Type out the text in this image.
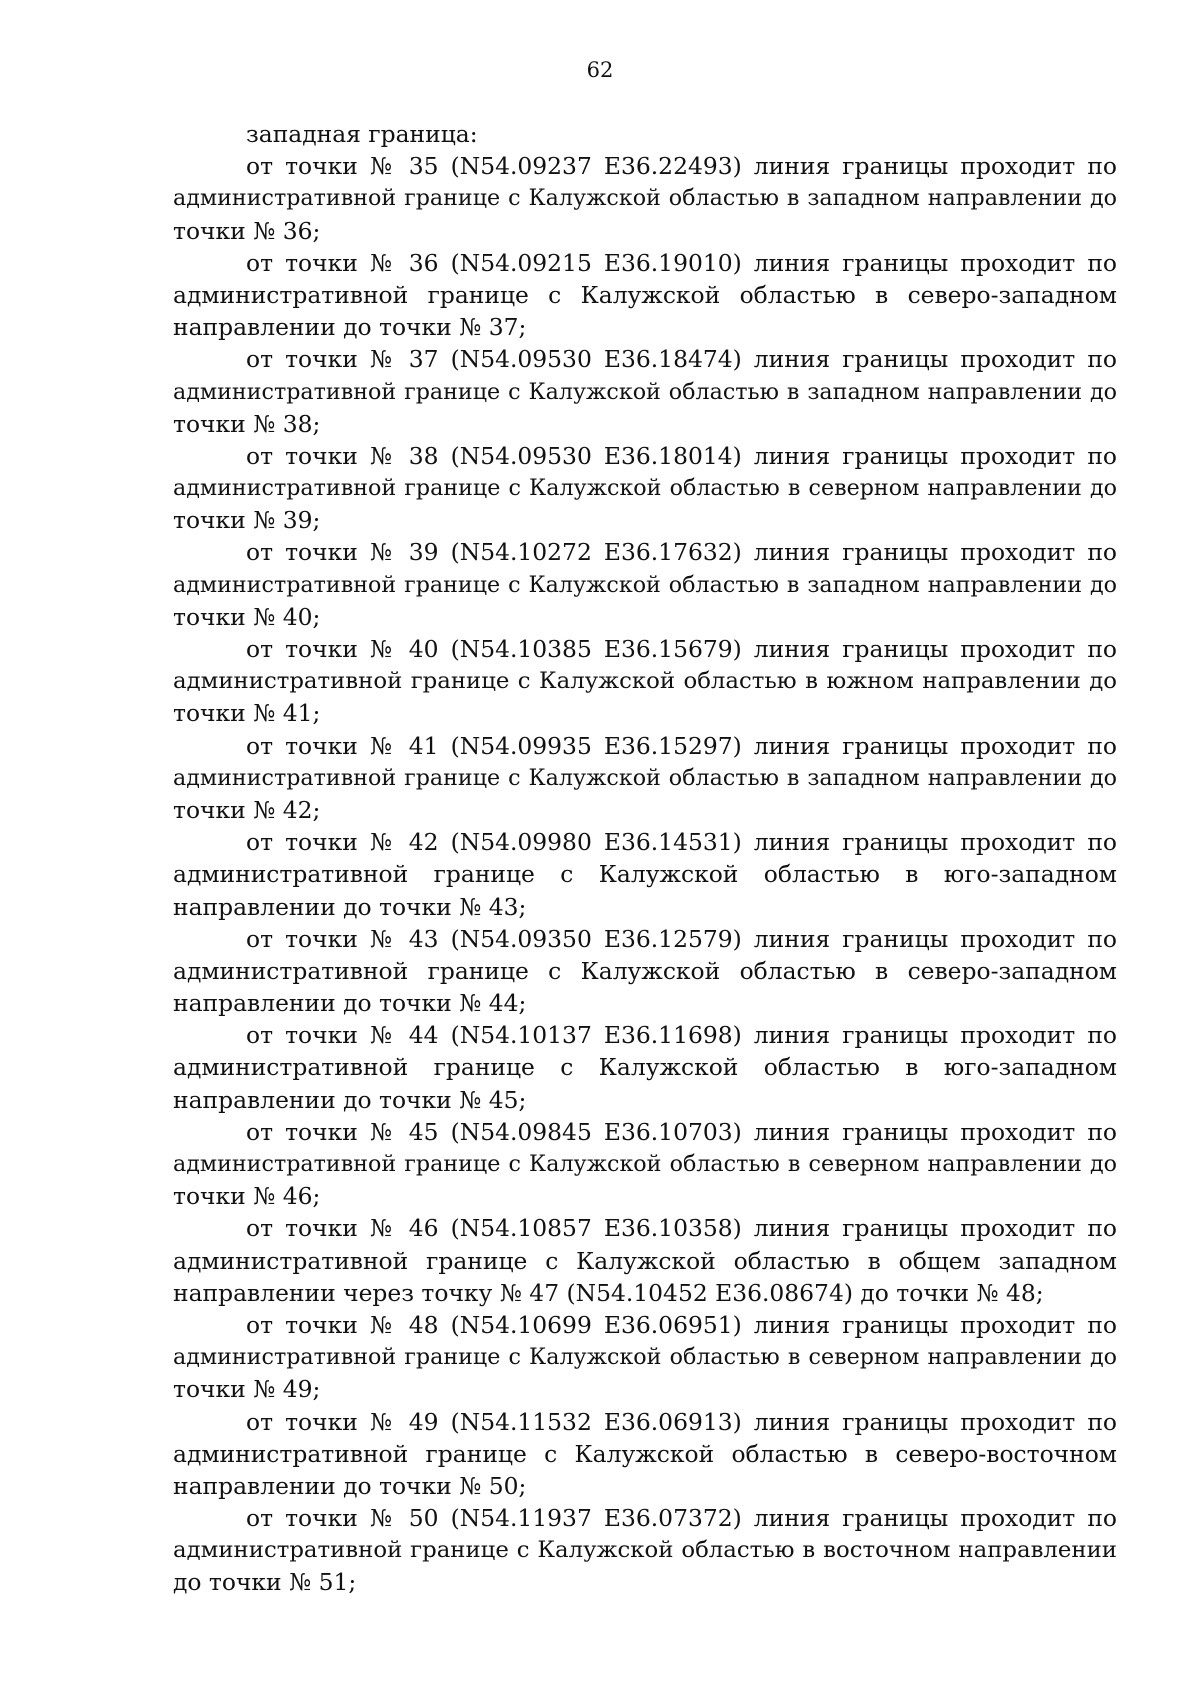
62
западная граница:
от точки № 35 (N54.09237 E36.22493) линия границы проходит по
административной границе с Калужской областью в западном направлении до
точки № 36;
от точки № 36 (N54.09215 E36.19010) линия границы проходит по
административной границе с Калужской областью в северо-западном
направлении до точки № 37;
от точки № 37 (N54.09530 E36.18474) линия границы проходит по
административной границе с Калужской областью в западном направлении до
точки № 38;
от точки № 38 (N54.09530 E36.18014) линия границы проходит по
административной границе с Калужской областью в северном направлении до
точки № 39;
от точки № 39 (N54.10272 E36.17632) линия границы проходит по
административной границе с Калужской областью в западном направлении до
точки № 40;
от точки № 40 (N54.10385 E36.15679) линия границы проходит по
административной границе с Калужской областью в южном направлении до
точки № 41;
от точки № 41 (N54.09935 E36.15297) линия границы проходит по
административной границе с Калужской областью в западном направлении до
точки № 42;
от точки № 42 (N54.09980 E36.14531) линия границы проходит по
административной границе с Калужской областью в юго-западном
направлении до точки № 43;
от точки № 43 (N54.09350 E36.12579) линия границы проходит по
административной границе с Калужской областью в северо-западном
направлении до точки № 44;
от точки № 44 (N54.10137 E36.11698) линия границы проходит по
административной границе с Калужской областью в юго-западном
направлении до точки № 45;
от точки № 45 (N54.09845 E36.10703) линия границы проходит по
административной границе с Калужской областью в северном направлении до
точки № 46;
от точки № 46 (N54.10857 E36.10358) линия границы проходит по
административной границе с Калужской областью в общем западном
направлении через точку № 47 (N54.10452 E36.08674) до точки № 48;
от точки № 48 (N54.10699 E36.06951) линия границы проходит по
административной границе с Калужской областью в северном направлении до
точки № 49;
от точки № 49 (N54.11532 E36.06913) линия границы проходит по
административной границе с Калужской областью в северо-восточном
направлении до точки № 50;
от точки № 50 (N54.11937 E36.07372) линия границы проходит по
административной границе с Калужской областью в восточном направлении
до точки № 51;
